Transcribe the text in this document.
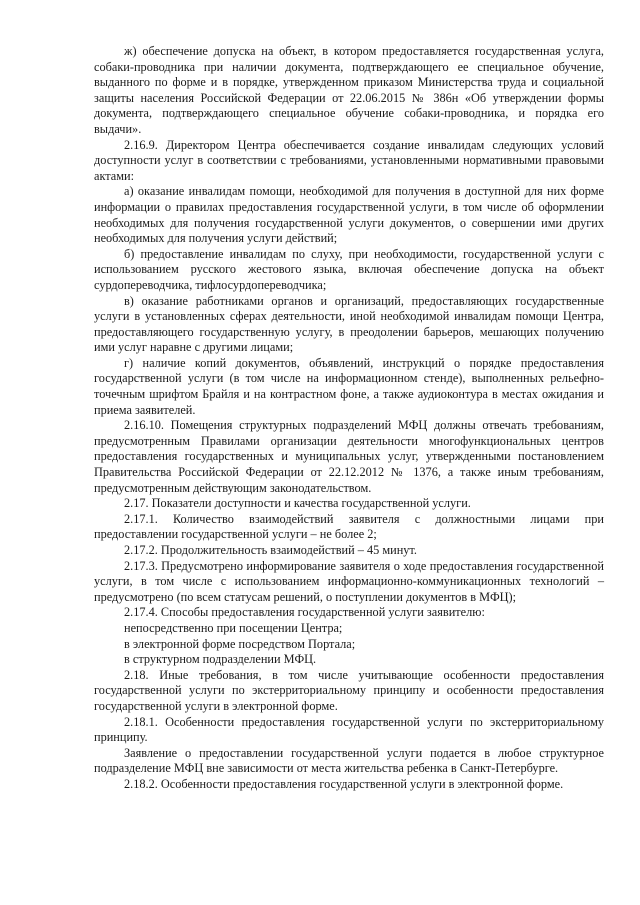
ж) обеспечение допуска на объект, в котором предоставляется государственная услуга, собаки-проводника при наличии документа, подтверждающего ее специальное обучение, выданного по форме и в порядке, утвержденном приказом Министерства труда и социальной защиты населения Российской Федерации от 22.06.2015 № 386н «Об утверждении формы документа, подтверждающего специальное обучение собаки-проводника, и порядка его выдачи».

2.16.9. Директором Центра обеспечивается создание инвалидам следующих условий доступности услуг в соответствии с требованиями, установленными нормативными правовыми актами:

а) оказание инвалидам помощи, необходимой для получения в доступной для них форме информации о правилах предоставления государственной услуги, в том числе об оформлении необходимых для получения государственной услуги документов, о совершении ими других необходимых для получения услуги действий;

б) предоставление инвалидам по слуху, при необходимости, государственной услуги с использованием русского жестового языка, включая обеспечение допуска на объект сурдопереводчика, тифлосурдопереводчика;

в) оказание работниками органов и организаций, предоставляющих государственные услуги в установленных сферах деятельности, иной необходимой инвалидам помощи Центра, предоставляющего государственную услугу, в преодолении барьеров, мешающих получению ими услуг наравне с другими лицами;

г) наличие копий документов, объявлений, инструкций о порядке предоставления государственной услуги (в том числе на информационном стенде), выполненных рельефно-точечным шрифтом Брайля и на контрастном фоне, а также аудиоконтура в местах ожидания и приема заявителей.

2.16.10. Помещения структурных подразделений МФЦ должны отвечать требованиям, предусмотренным Правилами организации деятельности многофункциональных центров предоставления государственных и муниципальных услуг, утвержденными постановлением Правительства Российской Федерации от 22.12.2012 № 1376, а также иным требованиям, предусмотренным действующим законодательством.

2.17. Показатели доступности и качества государственной услуги.

2.17.1. Количество взаимодействий заявителя с должностными лицами при предоставлении государственной услуги – не более 2;

2.17.2. Продолжительность взаимодействий – 45 минут.

2.17.3. Предусмотрено информирование заявителя о ходе предоставления государственной услуги, в том числе с использованием информационно-коммуникационных технологий – предусмотрено (по всем статусам решений, о поступлении документов в МФЦ);

2.17.4. Способы предоставления государственной услуги заявителю:

непосредственно при посещении Центра;

в электронной форме посредством Портала;

в структурном подразделении МФЦ.

2.18. Иные требования, в том числе учитывающие особенности предоставления государственной услуги по экстерриториальному принципу и особенности предоставления государственной услуги в электронной форме.

2.18.1. Особенности предоставления государственной услуги по экстерриториальному принципу.

Заявление о предоставлении государственной услуги подается в любое структурное подразделение МФЦ вне зависимости от места жительства ребенка в Санкт-Петербурге.

2.18.2. Особенности предоставления государственной услуги в электронной форме.
